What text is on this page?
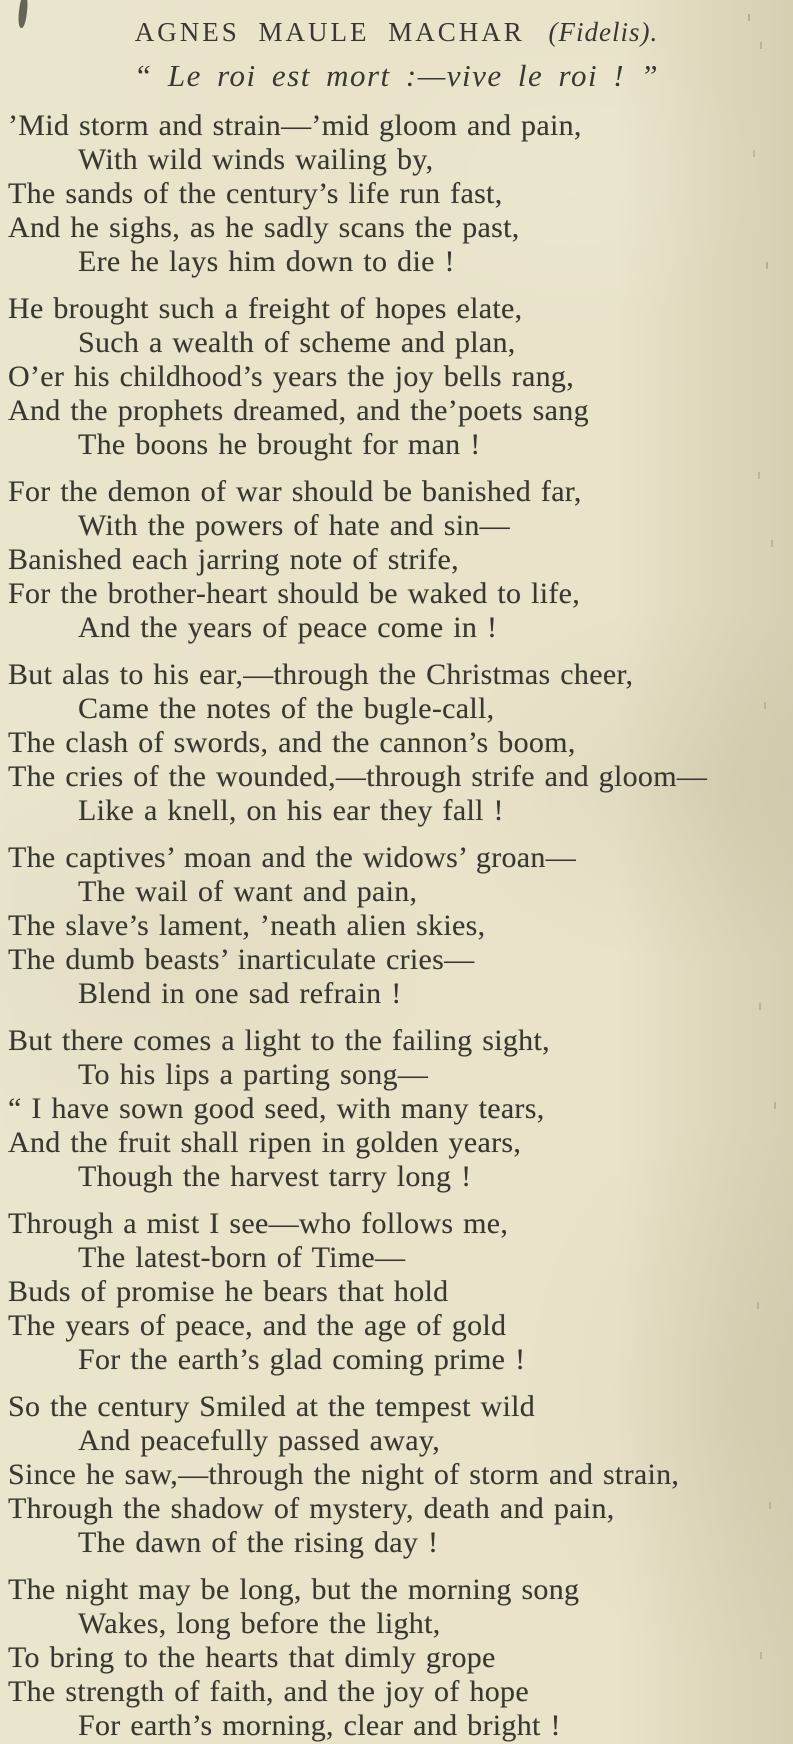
AGNES MAULE MACHAR (Fidelis).
“ Le roi est mort :—vive le roi ! ”
’Mid storm and strain—’mid gloom and pain,
With wild winds wailing by,
The sands of the century’s life run fast,
And he sighs, as he sadly scans the past,
Ere he lays him down to die !
He brought such a freight of hopes elate,
Such a wealth of scheme and plan,
O’er his childhood’s years the joy bells rang,
And the prophets dreamed, and the’poets sang
The boons he brought for man !
For the demon of war should be banished far,
With the powers of hate and sin—
Banished each jarring note of strife,
For the brother-heart should be waked to life,
And the years of peace come in !
But alas to his ear,—through the Christmas cheer,
Came the notes of the bugle-call,
The clash of swords, and the cannon’s boom,
The cries of the wounded,—through strife and gloom—
Like a knell, on his ear they fall !
The captives’ moan and the widows’ groan—
The wail of want and pain,
The slave’s lament, ’neath alien skies,
The dumb beasts’ inarticulate cries—
Blend in one sad refrain !
But there comes a light to the failing sight,
To his lips a parting song—
“ I have sown good seed, with many tears,
And the fruit shall ripen in golden years,
Though the harvest tarry long !
Through a mist I see—who follows me,
The latest-born of Time—
Buds of promise he bears that hold
The years of peace, and the age of gold
For the earth’s glad coming prime !
So the century Smiled at the tempest wild
And peacefully passed away,
Since he saw,—through the night of storm and strain,
Through the shadow of mystery, death and pain,
The dawn of the rising day !
The night may be long, but the morning song
Wakes, long before the light,
To bring to the hearts that dimly grope
The strength of faith, and the joy of hope
For earth’s morning, clear and bright !
